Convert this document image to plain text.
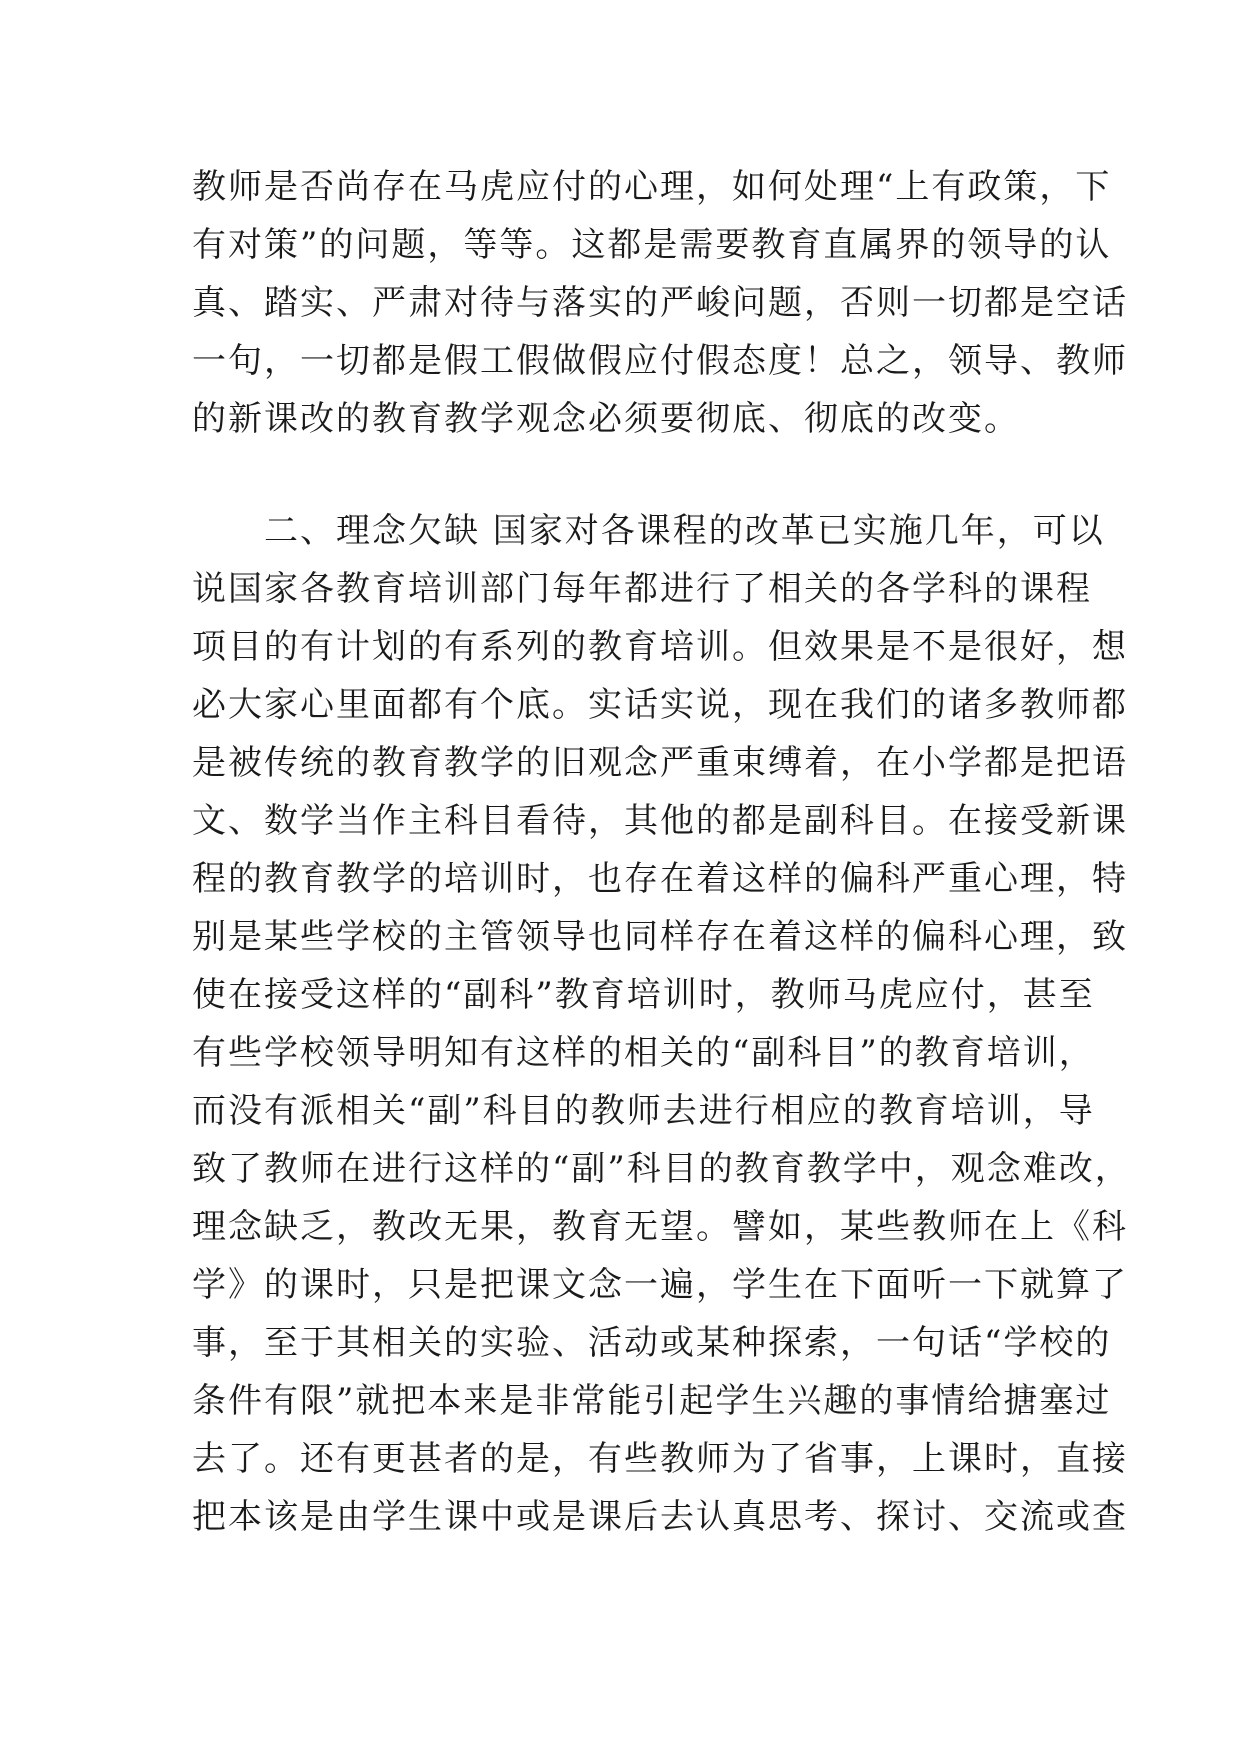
教师是否尚存在马虎应付的心理，如何处理“上有政策，下
有对策”的问题，等等。这都是需要教育直属界的领导的认
真、踏实、严肃对待与落实的严峻问题，否则一切都是空话
一句，一切都是假工假做假应付假态度！总之，领导、教师
的新课改的教育教学观念必须要彻底、彻底的改变。
　　二、理念欠缺 国家对各课程的改革已实施几年，可以
说国家各教育培训部门每年都进行了相关的各学科的课程
项目的有计划的有系列的教育培训。但效果是不是很好，想
必大家心里面都有个底。实话实说，现在我们的诸多教师都
是被传统的教育教学的旧观念严重束缚着，在小学都是把语
文、数学当作主科目看待，其他的都是副科目。在接受新课
程的教育教学的培训时，也存在着这样的偏科严重心理，特
别是某些学校的主管领导也同样存在着这样的偏科心理，致
使在接受这样的“副科”教育培训时，教师马虎应付，甚至
有些学校领导明知有这样的相关的“副科目”的教育培训，
而没有派相关“副”科目的教师去进行相应的教育培训，导
致了教师在进行这样的“副”科目的教育教学中，观念难改，
理念缺乏，教改无果，教育无望。譬如，某些教师在上《科
学》的课时，只是把课文念一遍，学生在下面听一下就算了
事，至于其相关的实验、活动或某种探索，一句话“学校的
条件有限”就把本来是非常能引起学生兴趣的事情给搪塞过
去了。还有更甚者的是，有些教师为了省事，上课时，直接
把本该是由学生课中或是课后去认真思考、探讨、交流或查
